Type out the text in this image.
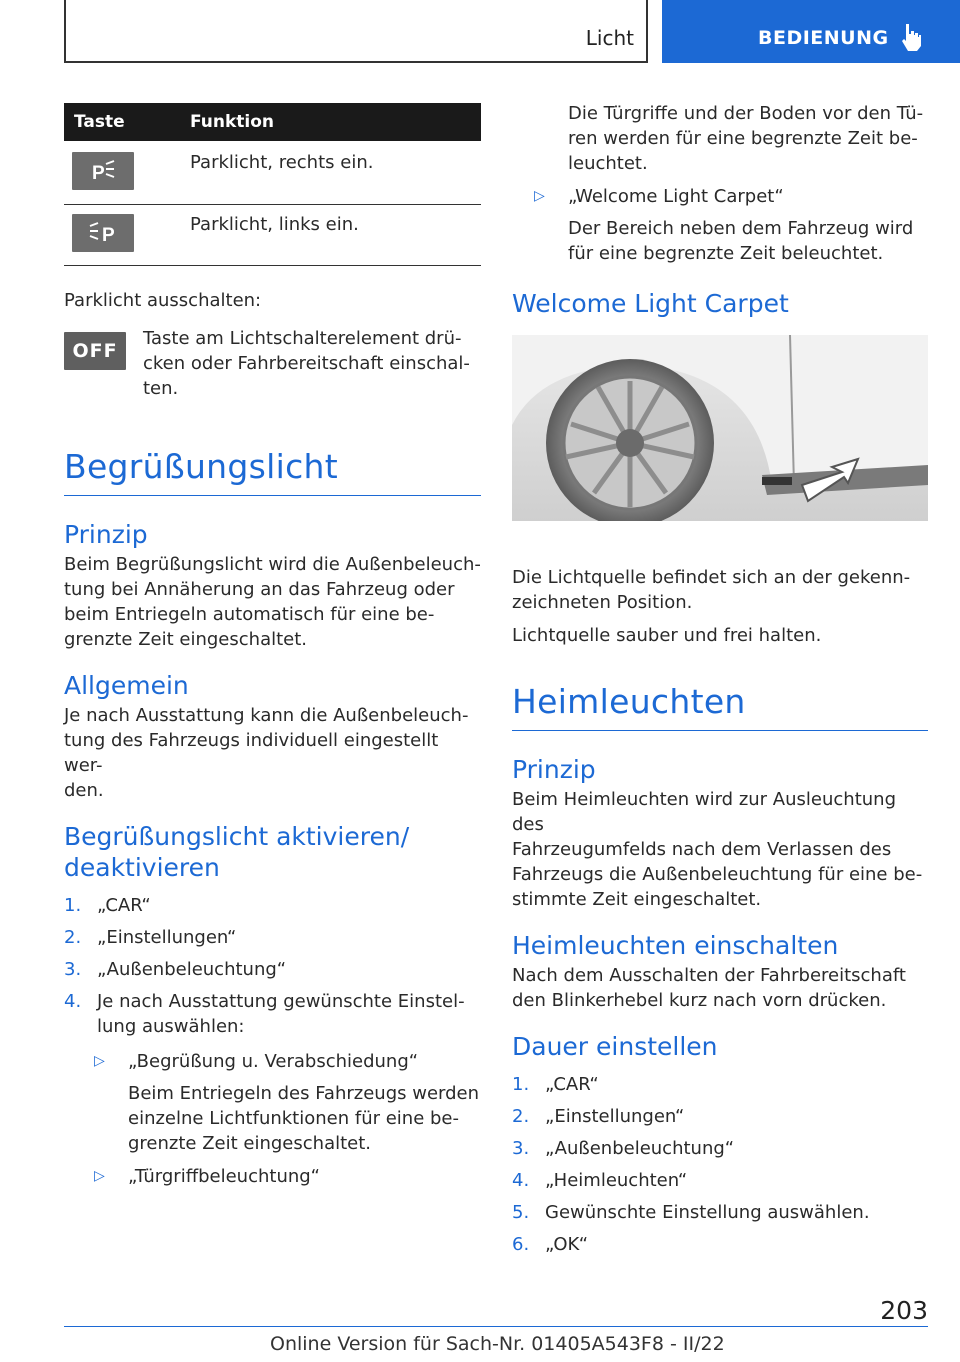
Licht	BEDIENUNG
Taste	Funktion
P

Parklicht, rechts ein.

P

Parklicht, links ein.

Parklicht ausschalten:

OFF

Taste am Lichtschalterelement drü-
cken oder Fahrbereitschaft einschal-
ten.

Begrüßungslicht
Prinzip

Beim Begrüßungslicht wird die Außenbeleuch-
tung bei Annäherung an das Fahrzeug oder
beim Entriegeln automatisch für eine be-
grenzte Zeit eingeschaltet.

Allgemein

Je nach Ausstattung kann die Außenbeleuch-
tung des Fahrzeugs individuell eingestellt wer-
den.

Begrüßungslicht aktivieren/
deaktivieren
1. „CAR“
2. „Einstellungen“
3. „Außenbeleuchtung“
4. Je nach Ausstattung gewünschte Einstel-
lung auswählen:
▷ „Begrüßung u. Verabschiedung“
Beim Entriegeln des Fahrzeugs werden
einzelne Lichtfunktionen für eine be-
grenzte Zeit eingeschaltet.
▷ „Türgriffbeleuchtung“

Die Türgriffe und der Boden vor den Tü-
ren werden für eine begrenzte Zeit be-
leuchtet.

▷ „Welcome Light Carpet“
Der Bereich neben dem Fahrzeug wird
für eine begrenzte Zeit beleuchtet.
Welcome Light Carpet

Die Lichtquelle befindet sich an der gekenn-
zeichneten Position.

Lichtquelle sauber und frei halten.

Heimleuchten
Prinzip

Beim Heimleuchten wird zur Ausleuchtung des
Fahrzeugumfelds nach dem Verlassen des
Fahrzeugs die Außenbeleuchtung für eine be-
stimmte Zeit eingeschaltet.

Heimleuchten einschalten

Nach dem Ausschalten der Fahrbereitschaft
den Blinkerhebel kurz nach vorn drücken.

Dauer einstellen
1. „CAR“
2. „Einstellungen“
3. „Außenbeleuchtung“
4. „Heimleuchten“
5. Gewünschte Einstellung auswählen.
6. „OK“
203
Online Version für Sach-Nr. 01405A543F8 - II/22
